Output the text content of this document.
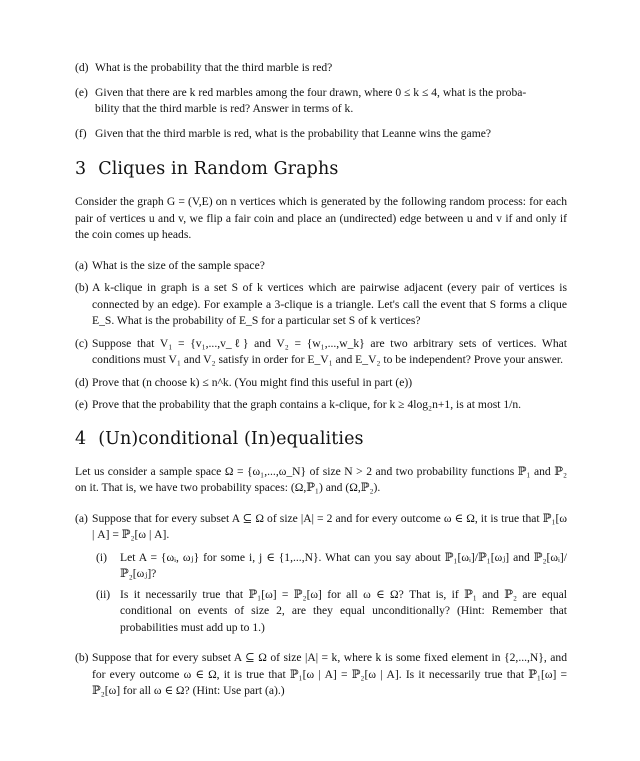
(d) What is the probability that the third marble is red?
(e) Given that there are k red marbles among the four drawn, where 0 ≤ k ≤ 4, what is the proba-
bility that the third marble is red? Answer in terms of k.
(f) Given that the third marble is red, what is the probability that Leanne wins the game?
3 Cliques in Random Graphs
Consider the graph G = (V,E) on n vertices which is generated by the following random process: for each pair of vertices u and v, we flip a fair coin and place an (undirected) edge between u and v if and only if the coin comes up heads.
(a) What is the size of the sample space?
(b) A k-clique in graph is a set S of k vertices which are pairwise adjacent (every pair of vertices is connected by an edge). For example a 3-clique is a triangle. Let's call the event that S forms a clique E_S. What is the probability of E_S for a particular set S of k vertices?
(c) Suppose that V₁ = {v₁,...,v_ℓ} and V₂ = {w₁,...,w_k} are two arbitrary sets of vertices. What conditions must V₁ and V₂ satisfy in order for E_V₁ and E_V₂ to be independent? Prove your answer.
(d) Prove that (n choose k) ≤ n^k. (You might find this useful in part (e))
(e) Prove that the probability that the graph contains a k-clique, for k ≥ 4log₂n+1, is at most 1/n.
4 (Un)conditional (In)equalities
Let us consider a sample space Ω = {ω₁,...,ω_N} of size N > 2 and two probability functions ℙ₁ and ℙ₂ on it. That is, we have two probability spaces: (Ω,ℙ₁) and (Ω,ℙ₂).
(a) Suppose that for every subset A ⊆ Ω of size |A| = 2 and for every outcome ω ∈ Ω, it is true that ℙ₁[ω | A] = ℙ₂[ω | A].
(i) Let A = {ωᵢ, ωⱼ} for some i, j ∈ {1,...,N}. What can you say about ℙ₁[ωᵢ]/ℙ₁[ωⱼ] and ℙ₂[ωᵢ]/ℙ₂[ωⱼ]?
(ii) Is it necessarily true that ℙ₁[ω] = ℙ₂[ω] for all ω ∈ Ω? That is, if ℙ₁ and ℙ₂ are equal conditional on events of size 2, are they equal unconditionally? (Hint: Remember that probabilities must add up to 1.)
(b) Suppose that for every subset A ⊆ Ω of size |A| = k, where k is some fixed element in {2,...,N}, and for every outcome ω ∈ Ω, it is true that ℙ₁[ω | A] = ℙ₂[ω | A]. Is it necessarily true that ℙ₁[ω] = ℙ₂[ω] for all ω ∈ Ω? (Hint: Use part (a).)
